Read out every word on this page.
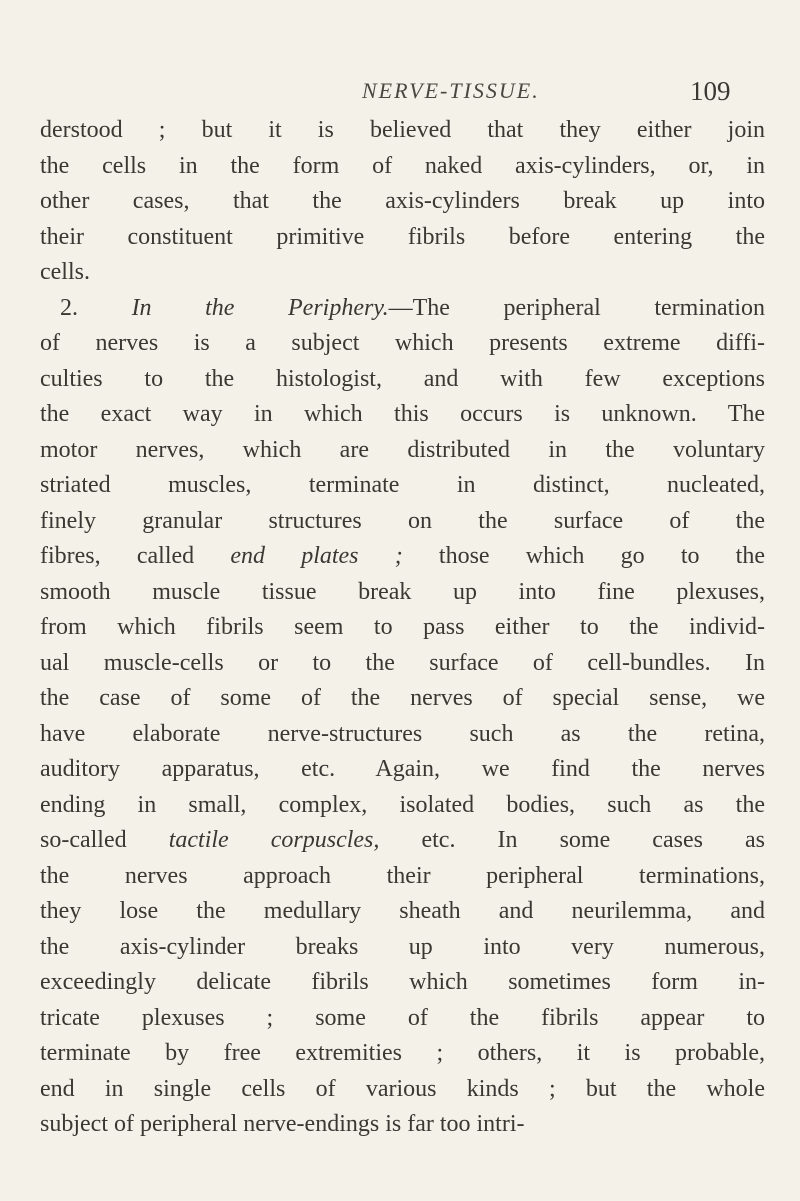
NERVE-TISSUE.	109
derstood ; but it is believed that they either join
the cells in the form of naked axis-cylinders, or, in
other cases, that the axis-cylinders break up into
their constituent primitive fibrils before entering the
cells.
2. In the Periphery.—The peripheral termination
of nerves is a subject which presents extreme diffi-
culties to the histologist, and with few exceptions
the exact way in which this occurs is unknown. The
motor nerves, which are distributed in the voluntary
striated muscles, terminate in distinct, nucleated,
finely granular structures on the surface of the
fibres, called end plates ; those which go to the
smooth muscle tissue break up into fine plexuses,
from which fibrils seem to pass either to the individ-
ual muscle-cells or to the surface of cell-bundles. In
the case of some of the nerves of special sense, we
have elaborate nerve-structures such as the retina,
auditory apparatus, etc. Again, we find the nerves
ending in small, complex, isolated bodies, such as the
so-called tactile corpuscles, etc. In some cases as
the nerves approach their peripheral terminations,
they lose the medullary sheath and neurilemma, and
the axis-cylinder breaks up into very numerous,
exceedingly delicate fibrils which sometimes form in-
tricate plexuses ; some of the fibrils appear to
terminate by free extremities ; others, it is probable,
end in single cells of various kinds ; but the whole
subject of peripheral nerve-endings is far too intri-
